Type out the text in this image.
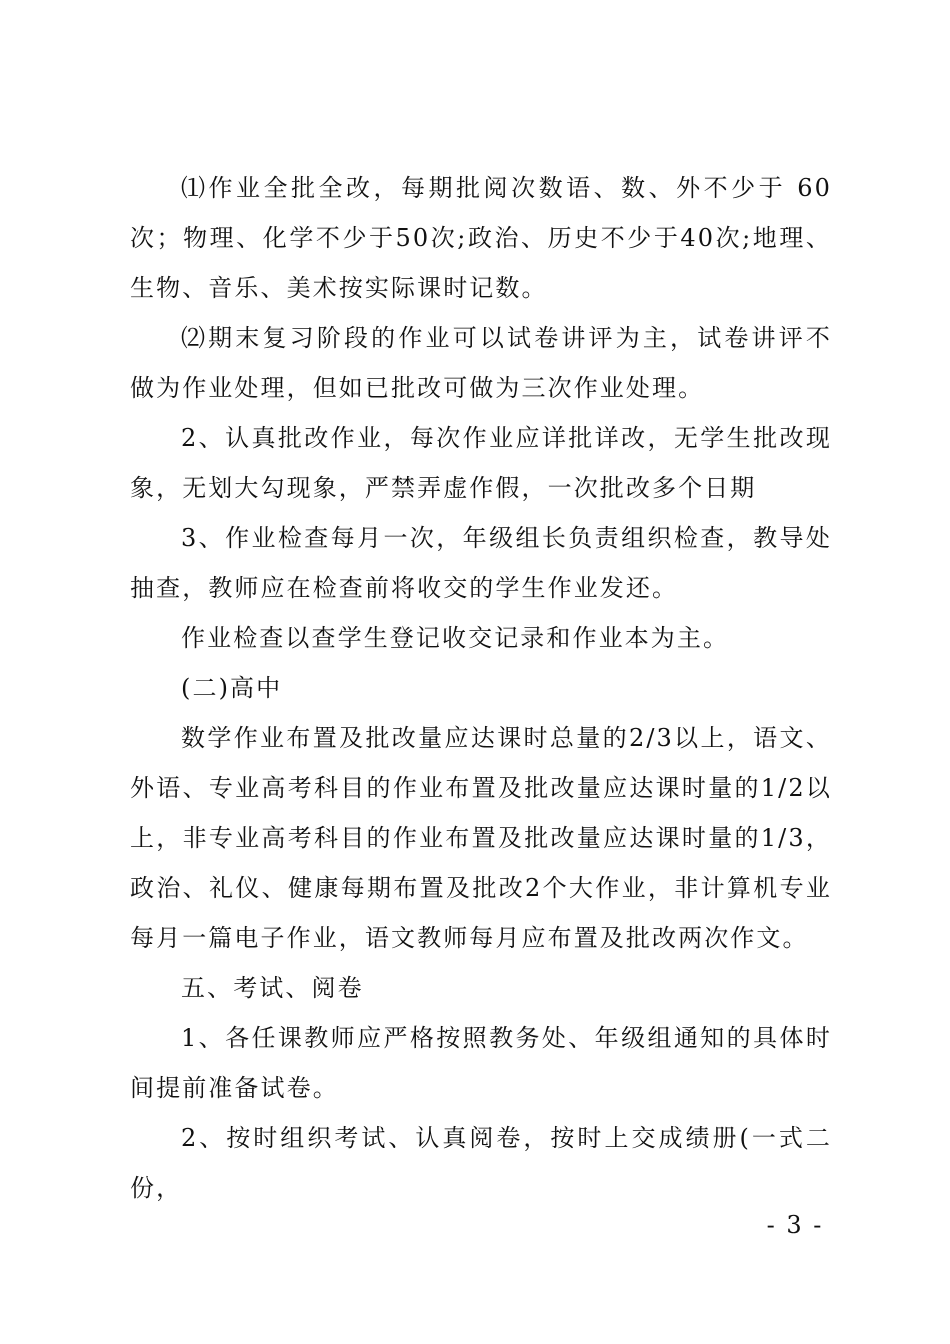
⑴作业全批全改，每期批阅次数语、数、外不少于 60 次；物理、化学不少于50次;政治、历史不少于40次;地理、生物、音乐、美术按实际课时记数。

⑵期末复习阶段的作业可以试卷讲评为主，试卷讲评不做为作业处理，但如已批改可做为三次作业处理。

2、认真批改作业，每次作业应详批详改，无学生批改现象，无划大勾现象，严禁弄虚作假，一次批改多个日期

3、作业检查每月一次，年级组长负责组织检查，教导处抽查，教师应在检查前将收交的学生作业发还。

作业检查以查学生登记收交记录和作业本为主。

(二)高中

数学作业布置及批改量应达课时总量的2/3以上，语文、外语、专业高考科目的作业布置及批改量应达课时量的1/2以上，非专业高考科目的作业布置及批改量应达课时量的1/3，政治、礼仪、健康每期布置及批改2个大作业，非计算机专业每月一篇电子作业，语文教师每月应布置及批改两次作文。

五、考试、阅卷

1、各任课教师应严格按照教务处、年级组通知的具体时间提前准备试卷。

2、按时组织考试、认真阅卷，按时上交成绩册(一式二份，

- 3 -
